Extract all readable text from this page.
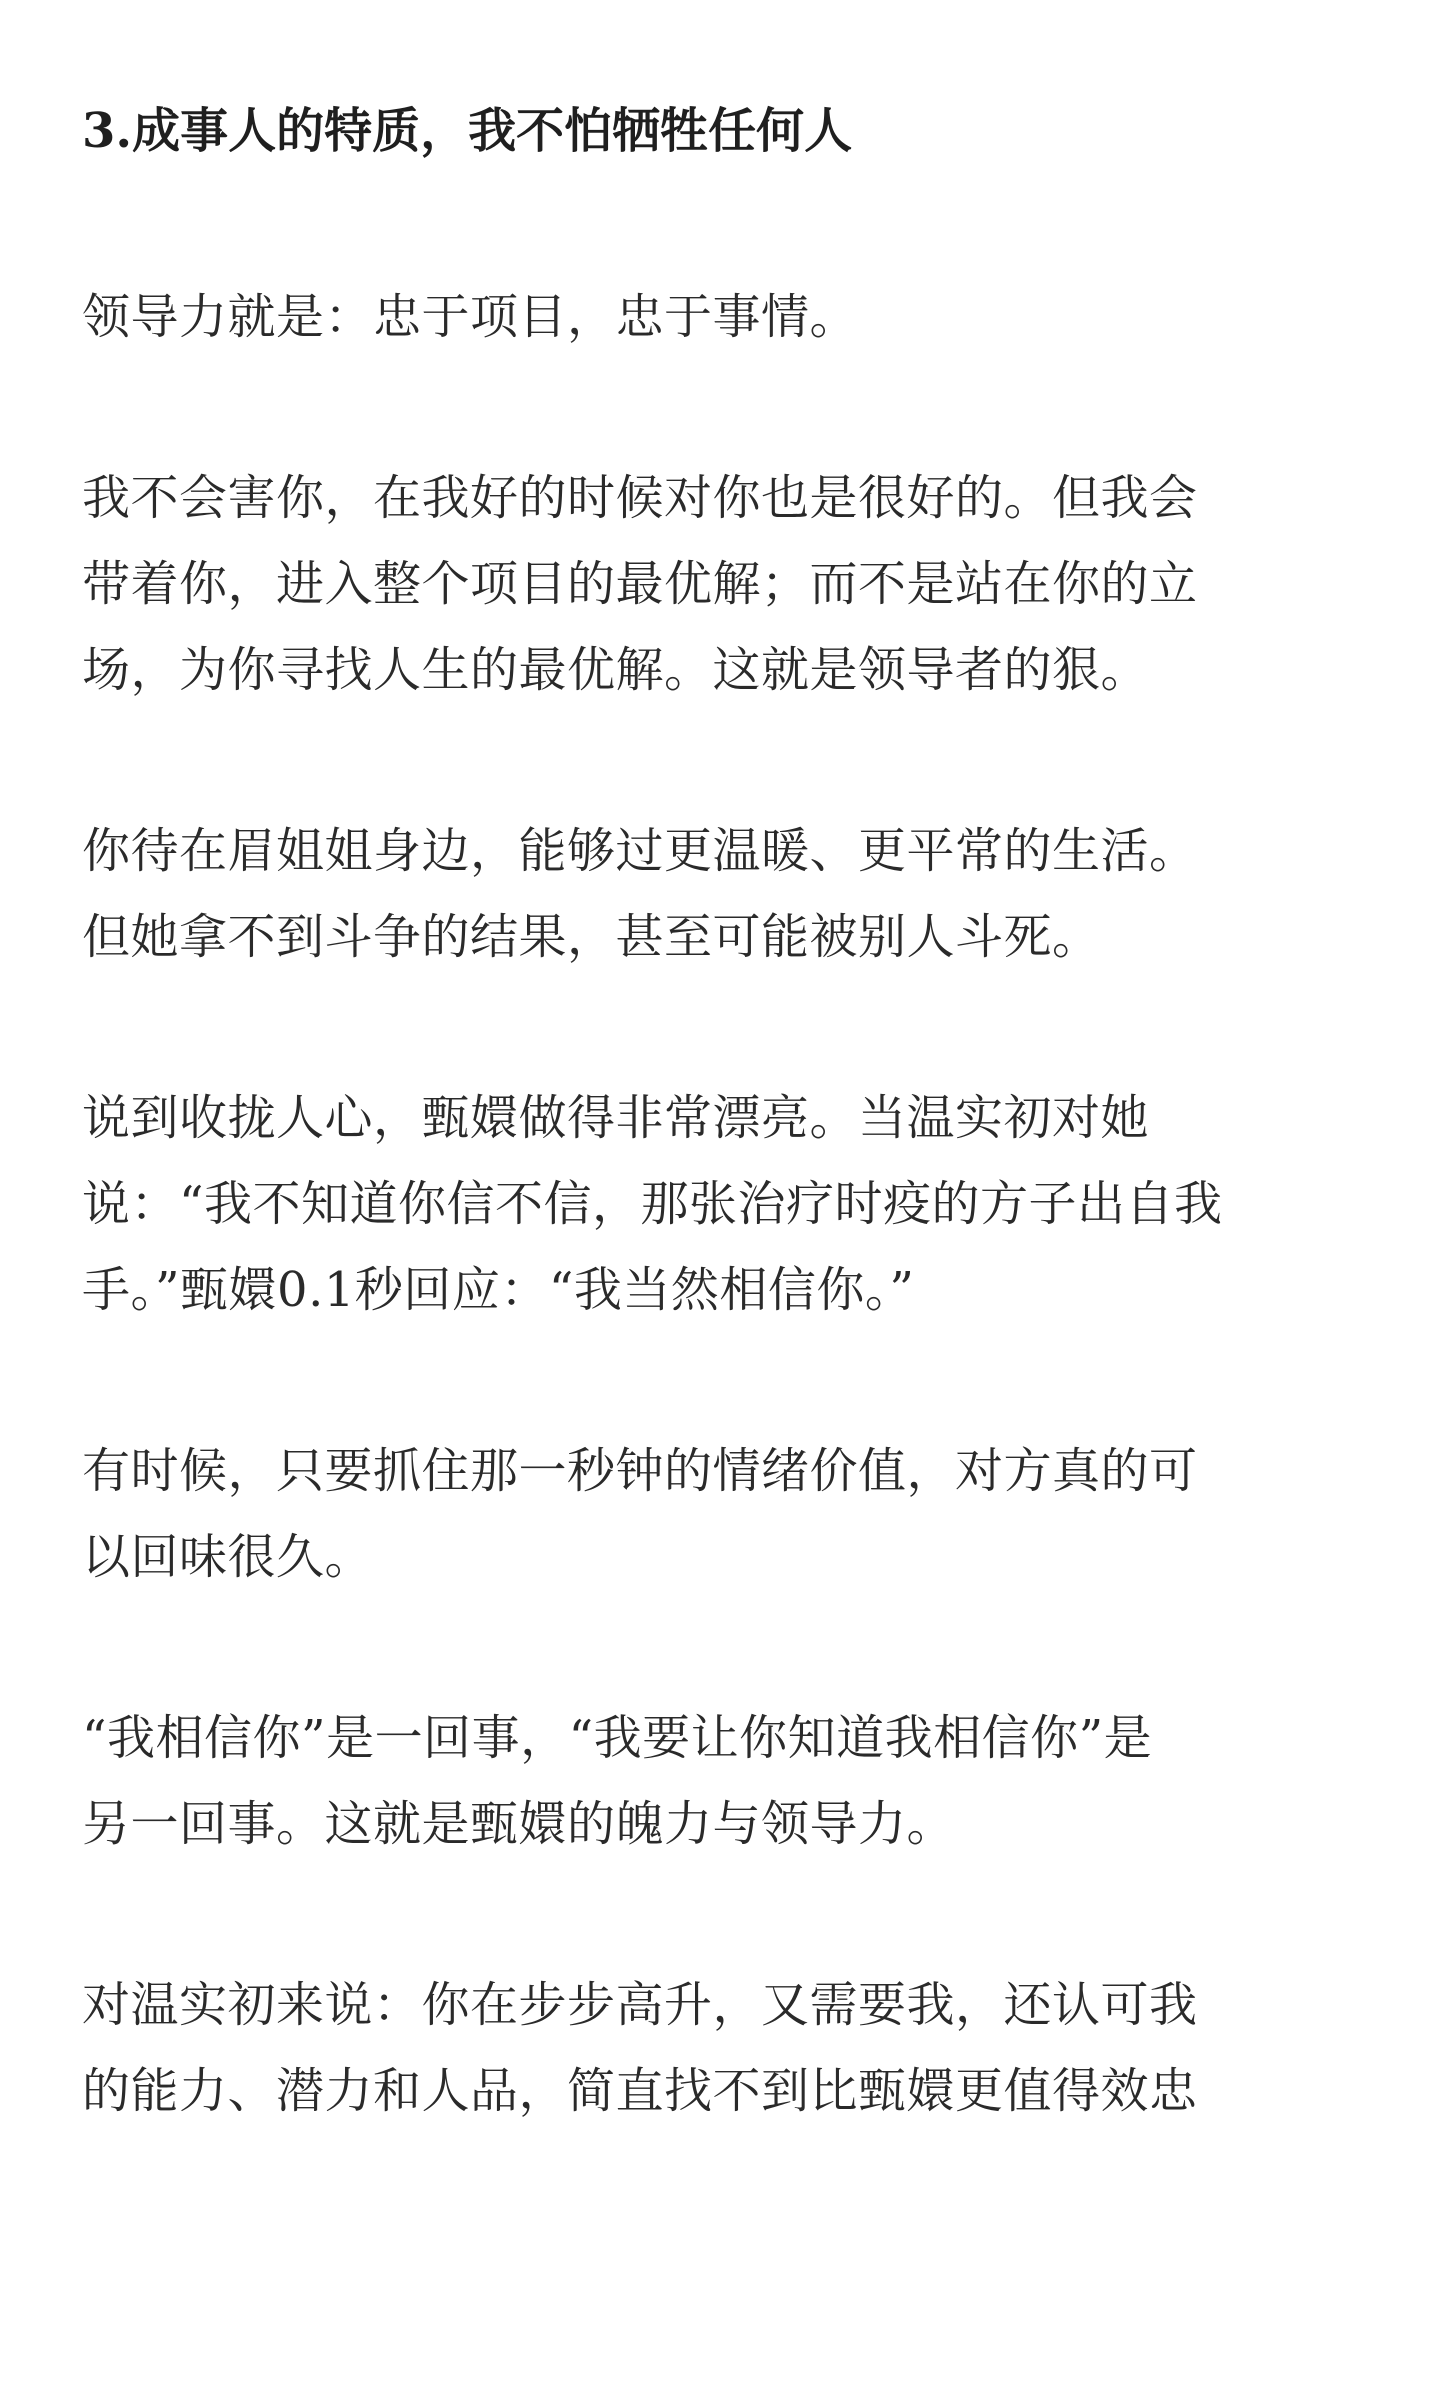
3.成事人的特质，我不怕牺牲任何人

领导力就是：忠于项目，忠于事情。

我不会害你，在我好的时候对你也是很好的。但我会
带着你，进入整个项目的最优解；而不是站在你的立
场，为你寻找人生的最优解。这就是领导者的狠。

你待在眉姐姐身边，能够过更温暖、更平常的生活。
但她拿不到斗争的结果，甚至可能被别人斗死。

说到收拢人心，甄嬛做得非常漂亮。当温实初对她
说：“我不知道你信不信，那张治疗时疫的方子出自我
手。”甄嬛0.1秒回应：“我当然相信你。”

有时候，只要抓住那一秒钟的情绪价值，对方真的可
以回味很久。

“我相信你”是一回事，“我要让你知道我相信你”是
另一回事。这就是甄嬛的魄力与领导力。

对温实初来说：你在步步高升，又需要我，还认可我
的能力、潜力和人品，简直找不到比甄嬛更值得效忠
